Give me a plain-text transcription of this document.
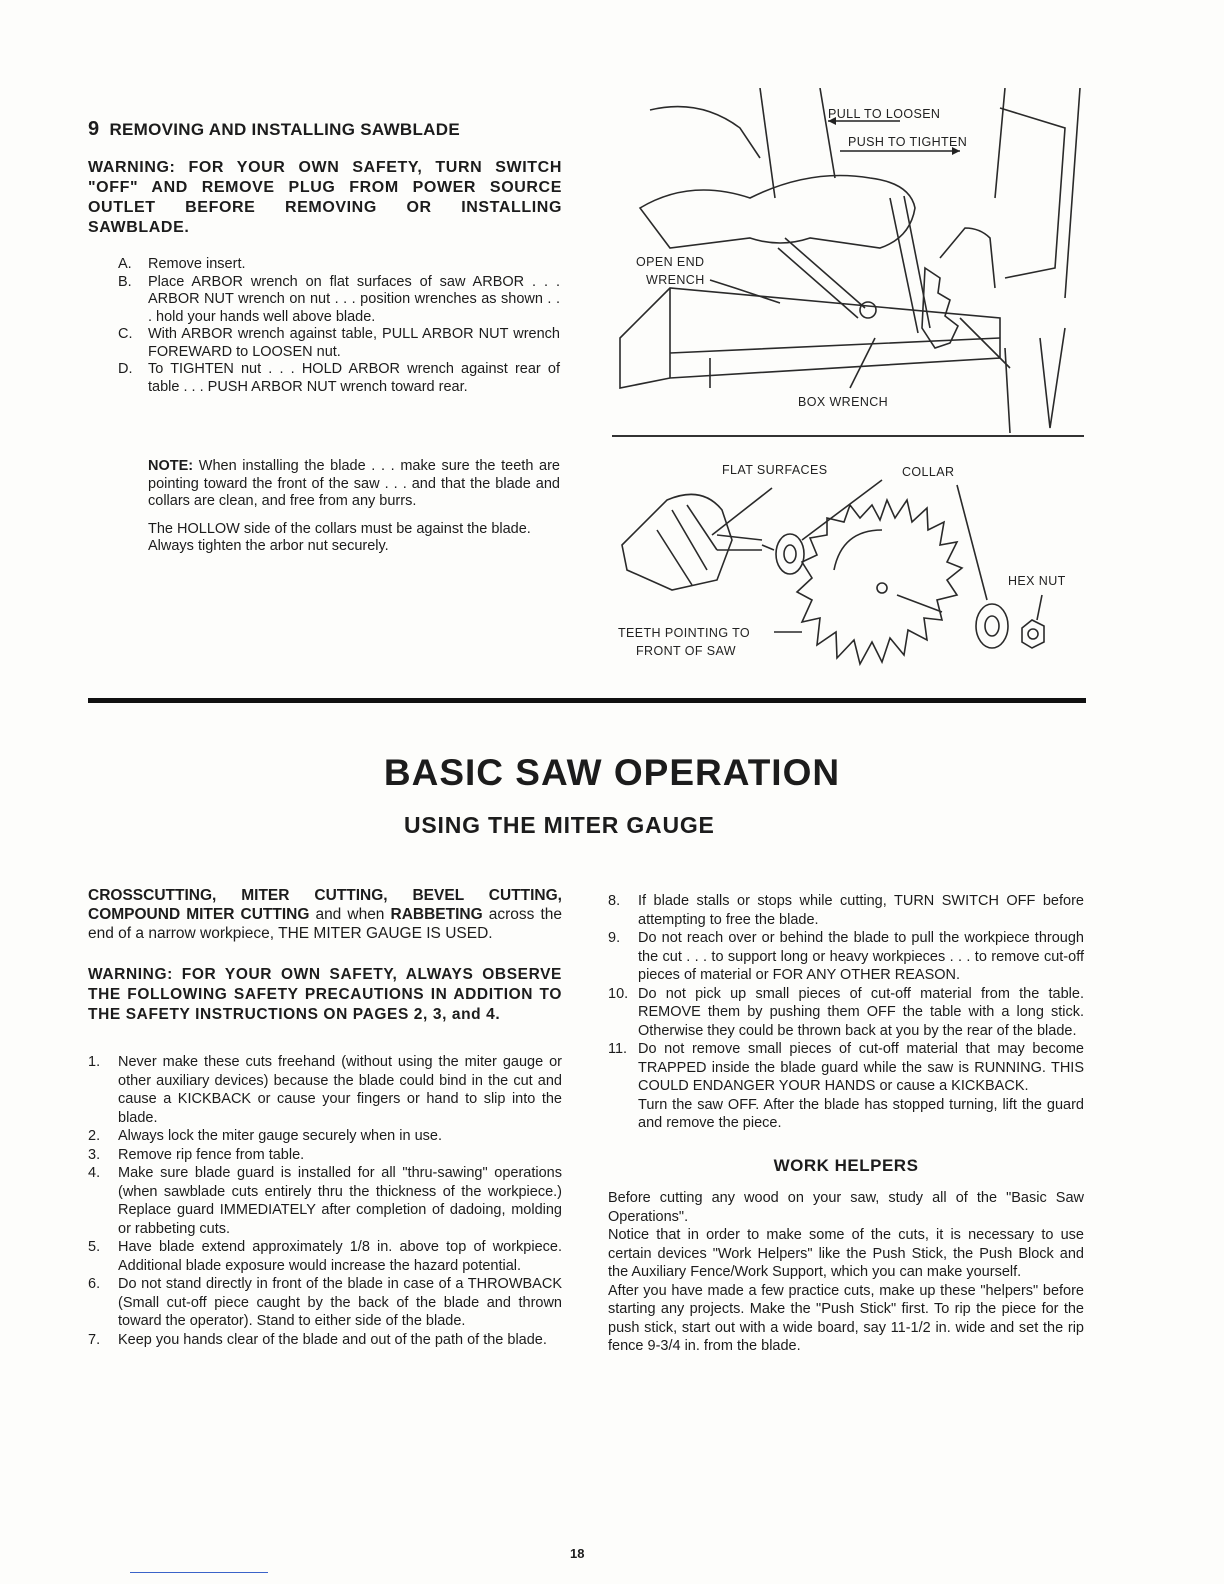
9 REMOVING AND INSTALLING SAWBLADE
WARNING: FOR YOUR OWN SAFETY, TURN SWITCH "OFF" AND REMOVE PLUG FROM POWER SOURCE OUTLET BEFORE REMOVING OR INSTALLING SAWBLADE.
A. Remove insert.
B. Place ARBOR wrench on flat surfaces of saw ARBOR . . . ARBOR NUT wrench on nut . . . position wrenches as shown . . . hold your hands well above blade.
C. With ARBOR wrench against table, PULL ARBOR NUT wrench FOREWARD to LOOSEN nut.
D. To TIGHTEN nut . . . HOLD ARBOR wrench against rear of table . . . PUSH ARBOR NUT wrench toward rear.

NOTE: When installing the blade . . . make sure the teeth are pointing toward the front of the saw . . . and that the blade and collars are clean, and free from any burrs.

The HOLLOW side of the collars must be against the blade.

Always tighten the arbor nut securely.

PULL TO LOOSEN
PUSH TO TIGHTEN
OPEN END
WRENCH
BOX WRENCH
FLAT SURFACES	COLLAR
HEX NUT
TEETH POINTING TO
FRONT OF SAW
BASIC SAW OPERATION
USING THE MITER GAUGE

CROSSCUTTING, MITER CUTTING, BEVEL CUTTING, COMPOUND MITER CUTTING and when RABBETING across the end of a narrow workpiece, THE MITER GAUGE IS USED.

WARNING: FOR YOUR OWN SAFETY, ALWAYS OBSERVE THE FOLLOWING SAFETY PRECAUTIONS IN ADDITION TO THE SAFETY INSTRUCTIONS ON PAGES 2, 3, and 4.

1. Never make these cuts freehand (without using the miter gauge or other auxiliary devices) because the blade could bind in the cut and cause a KICKBACK or cause your fingers or hand to slip into the blade.
2. Always lock the miter gauge securely when in use.
3. Remove rip fence from table.
4. Make sure blade guard is installed for all "thru-sawing" operations (when sawblade cuts entirely thru the thickness of the workpiece.) Replace guard IMMEDIATELY after completion of dadoing, molding or rabbeting cuts.
5. Have blade extend approximately 1/8 in. above top of workpiece. Additional blade exposure would increase the hazard potential.
6. Do not stand directly in front of the blade in case of a THROWBACK (Small cut-off piece caught by the back of the blade and thrown toward the operator). Stand to either side of the blade.
7. Keep you hands clear of the blade and out of the path of the blade.
8. If blade stalls or stops while cutting, TURN SWITCH OFF before attempting to free the blade.
9. Do not reach over or behind the blade to pull the workpiece through the cut . . . to support long or heavy workpieces . . . to remove cut-off pieces of material or FOR ANY OTHER REASON.
10. Do not pick up small pieces of cut-off material from the table. REMOVE them by pushing them OFF the table with a long stick. Otherwise they could be thrown back at you by the rear of the blade.
11. Do not remove small pieces of cut-off material that may become TRAPPED inside the blade guard while the saw is RUNNING. THIS COULD ENDANGER YOUR HANDS or cause a KICKBACK.

Turn the saw OFF. After the blade has stopped turning, lift the guard and remove the piece.

WORK HELPERS

Before cutting any wood on your saw, study all of the "Basic Saw Operations".

Notice that in order to make some of the cuts, it is necessary to use certain devices "Work Helpers" like the Push Stick, the Push Block and the Auxiliary Fence/Work Support, which you can make yourself.

After you have made a few practice cuts, make up these "helpers" before starting any projects. Make the "Push Stick" first. To rip the piece for the push stick, start out with a wide board, say 11-1/2 in. wide and set the rip fence 9-3/4 in. from the blade.

18
